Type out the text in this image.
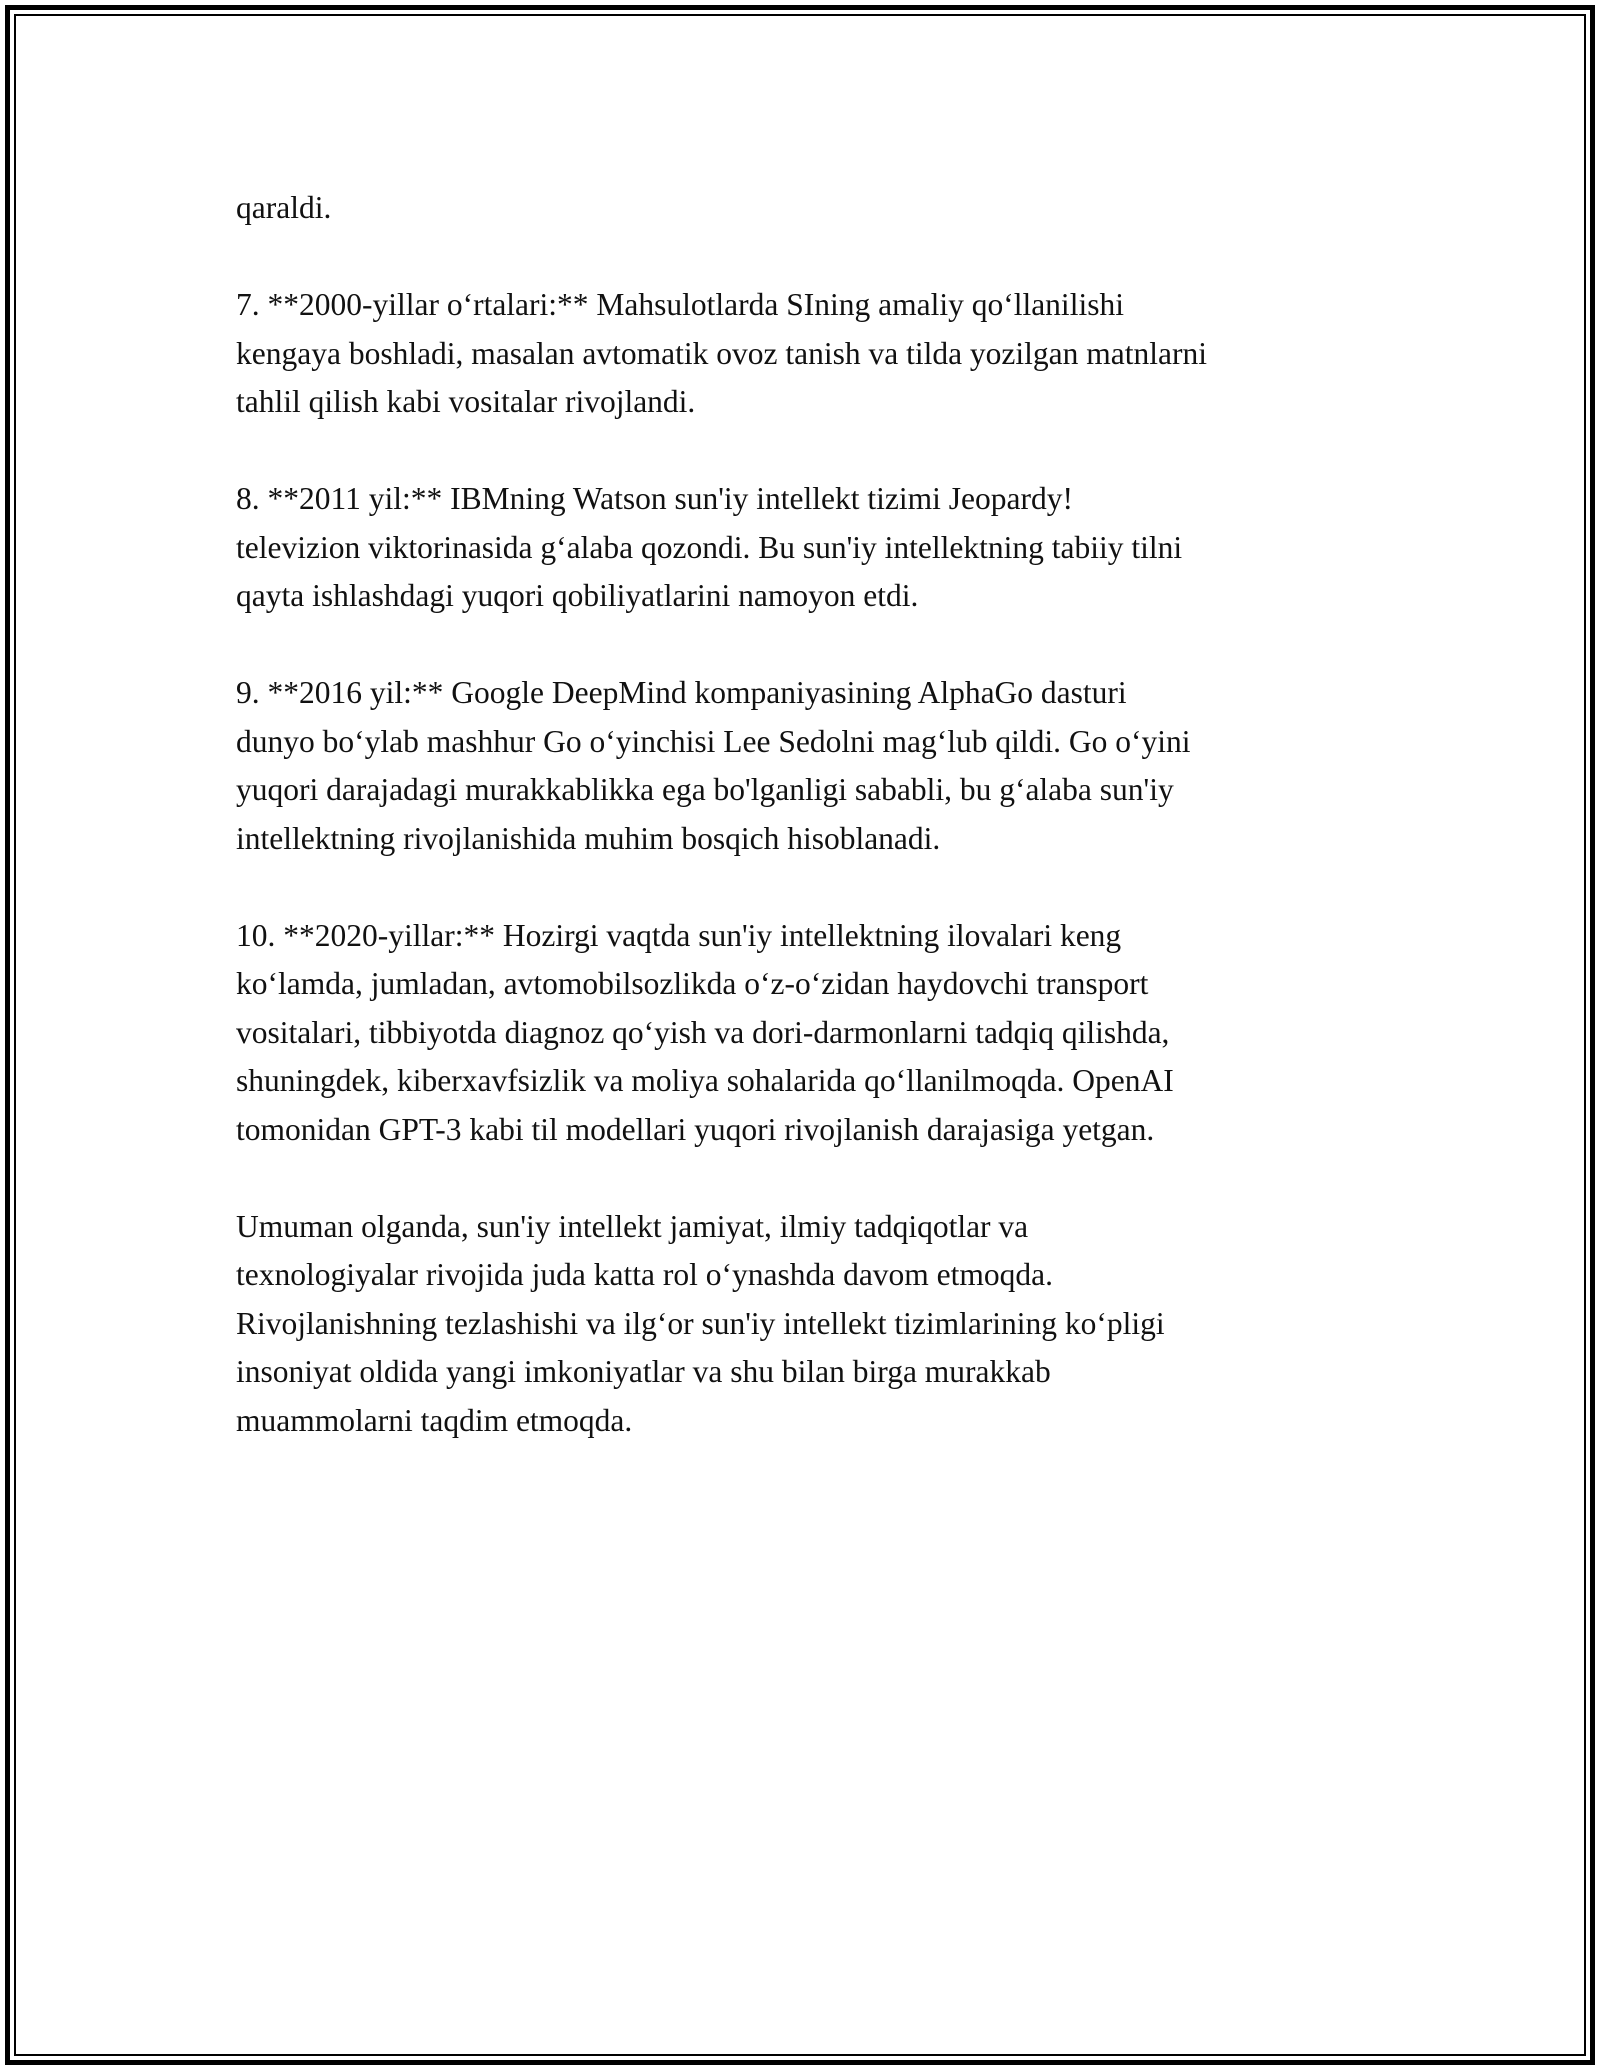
qaraldi.

7. **2000-yillar o‘rtalari:** Mahsulotlarda SIning amaliy qo‘llanilishi
kengaya boshladi, masalan avtomatik ovoz tanish va tilda yozilgan matnlarni
tahlil qilish kabi vositalar rivojlandi.

8. **2011 yil:** IBMning Watson sun'iy intellekt tizimi Jeopardy!
televizion viktorinasida g‘alaba qozondi. Bu sun'iy intellektning tabiiy tilni
qayta ishlashdagi yuqori qobiliyatlarini namoyon etdi.

9. **2016 yil:** Google DeepMind kompaniyasining AlphaGo dasturi
dunyo bo‘ylab mashhur Go o‘yinchisi Lee Sedolni mag‘lub qildi. Go o‘yini
yuqori darajadagi murakkablikka ega bo'lganligi sababli, bu g‘alaba sun'iy
intellektning rivojlanishida muhim bosqich hisoblanadi.

10. **2020-yillar:** Hozirgi vaqtda sun'iy intellektning ilovalari keng
ko‘lamda, jumladan, avtomobilsozlikda o‘z-o‘zidan haydovchi transport
vositalari, tibbiyotda diagnoz qo‘yish va dori-darmonlarni tadqiq qilishda,
shuningdek, kiberxavfsizlik va moliya sohalarida qo‘llanilmoqda. OpenAI
tomonidan GPT-3 kabi til modellari yuqori rivojlanish darajasiga yetgan.

Umuman olganda, sun'iy intellekt jamiyat, ilmiy tadqiqotlar va
texnologiyalar rivojida juda katta rol o‘ynashda davom etmoqda.
Rivojlanishning tezlashishi va ilg‘or sun'iy intellekt tizimlarining ko‘pligi
insoniyat oldida yangi imkoniyatlar va shu bilan birga murakkab
muammolarni taqdim etmoqda.
